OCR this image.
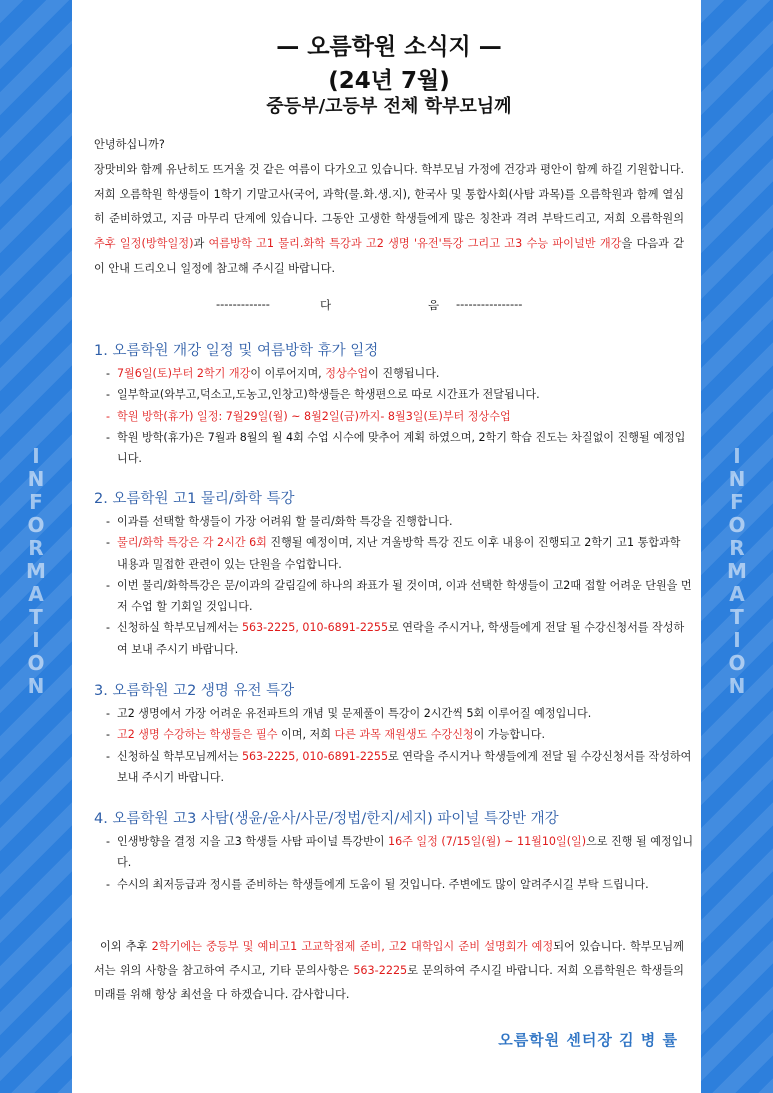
I
N
F
O
R
M
A
T
I
O
N
I
N
F
O
R
M
A
T
I
O
N
— 오름학원 소식지 —
(24년 7월)
중등부/고등부 전체 학부모님께

안녕하십니까?

장맛비와 함께 유난히도 뜨거울 것 같은 여름이 다가오고 있습니다. 학부모님 가정에 건강과 평안이 함께 하길 기원합니다. 저희 오름학원 학생들이 1학기 기말고사(국어, 과학(물.화.생.지), 한국사 및 통합사회(사탐 과목)를 오름학원과 함께 열심히 준비하였고, 지금 마무리 단계에 있습니다. 그동안 고생한 학생들에게 많은 칭찬과 격려 부탁드리고, 저희 오름학원의 추후 일정(방학일정)과 여름방학 고1 물리.화학 특강과 고2 생명 '유전'특강 그리고 고3 수능 파이널반 개강을 다음과 같이 안내 드리오니 일정에 참고해 주시길 바랍니다.

-------------	다	음 ----------------
1. 오름학원 개강 일정 및 여름방학 휴가 일정
- 7월6일(토)부터 2학기 개강이 이루어지며, 정상수업이 진행됩니다.
- 일부학교(와부고,덕소고,도농고,인창고)학생들은 학생편으로 따로 시간표가 전달됩니다.
- 학원 방학(휴가) 일정: 7월29일(월) ~ 8월2일(금)까지- 8월3일(토)부터 정상수업
- 학원 방학(휴가)은 7월과 8월의 월 4회 수업 시수에 맞추어 계획 하였으며, 2학기 학습 진도는 차질없이 진행될 예정입니다.
2. 오름학원 고1 물리/화학 특강
- 이과를 선택할 학생들이 가장 어려워 할 물리/화학 특강을 진행합니다.
- 물리/화학 특강은 각 2시간 6회 진행될 예정이며, 지난 겨울방학 특강 진도 이후 내용이 진행되고 2학기 고1 통합과학 내용과 밀접한 관련이 있는 단원을 수업합니다.
- 이번 물리/화학특강은 문/이과의 갈림길에 하나의 좌표가 될 것이며, 이과 선택한 학생들이 고2때 접할 어려운 단원을 먼저 수업 할 기회일 것입니다.
- 신청하실 학부모님께서는 563-2225, 010-6891-2255로 연락을 주시거나, 학생들에게 전달 될 수강신청서를 작성하여 보내 주시기 바랍니다.
3. 오름학원 고2 생명 유전 특강
- 고2 생명에서 가장 어려운 유전파트의 개념 및 문제풀이 특강이 2시간씩 5회 이루어질 예정입니다.
- 고2 생명 수강하는 학생들은 필수 이며, 저희 다른 과목 재원생도 수강신청이 가능합니다.
- 신청하실 학부모님께서는 563-2225, 010-6891-2255로 연락을 주시거나 학생들에게 전달 될 수강신청서를 작성하여 보내 주시기 바랍니다.
4. 오름학원 고3 사탐(생윤/윤사/사문/정법/한지/세지) 파이널 특강반 개강
- 인생방향을 결정 지을 고3 학생들 사탐 파이널 특강반이 16주 일정 (7/15일(월) ~ 11월10일(일)으로 진행 될 예정입니다.
- 수시의 최저등급과 정시를 준비하는 학생들에게 도움이 될 것입니다. 주변에도 많이 알려주시길 부탁 드립니다.

이외 추후 2학기에는 중등부 및 예비고1 고교학점제 준비, 고2 대학입시 준비 설명회가 예정되어 있습니다. 학부모님께서는 위의 사항을 참고하여 주시고, 기타 문의사항은 563-2225로 문의하여 주시길 바랍니다. 저희 오름학원은 학생들의 미래를 위해 항상 최선을 다 하겠습니다. 감사합니다.

오름학원 센터장 김 병 률
